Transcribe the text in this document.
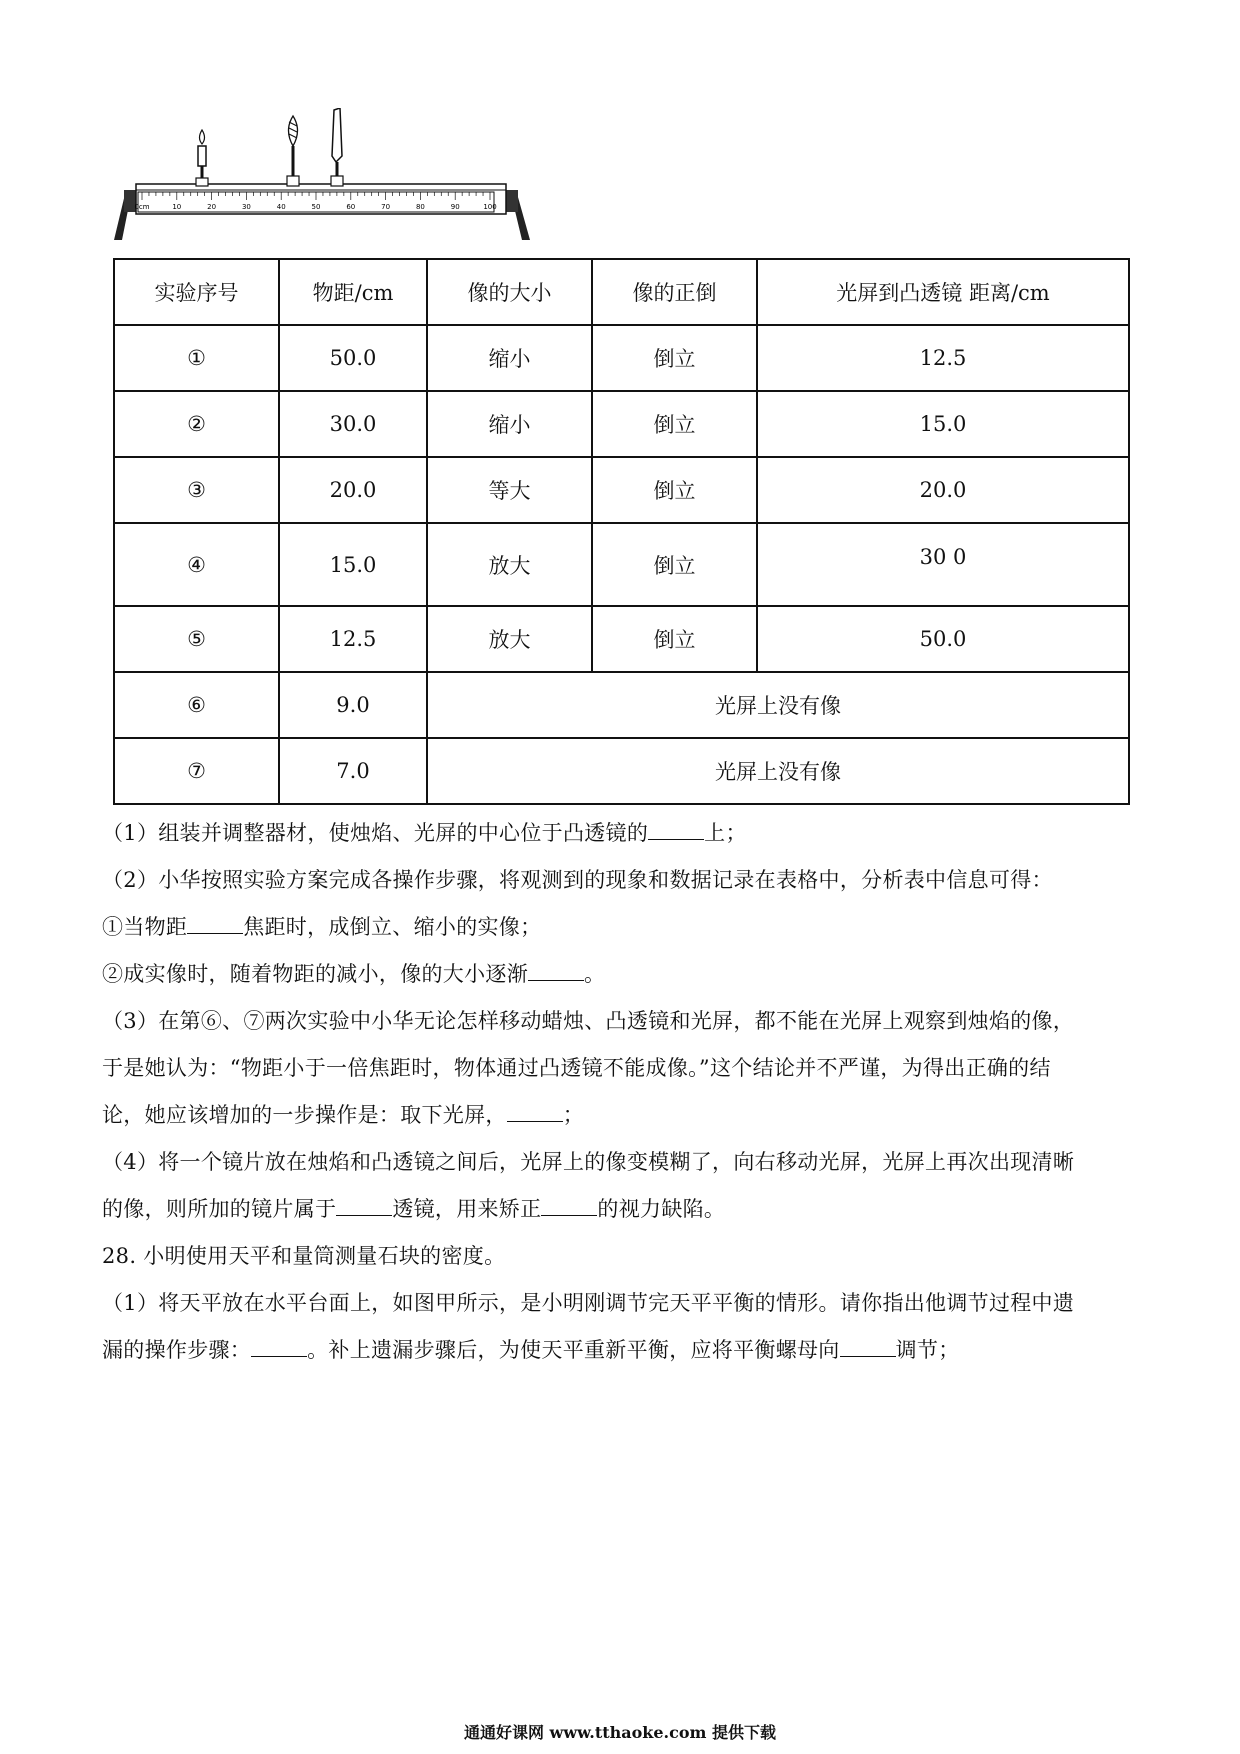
0cm	10	20	30	40	50	60	70	80	90	100
实验序号	物距/cm	像的大小	像的正倒	光屏到凸透镜 距离/cm
①	50.0	缩小	倒立	12.5
②	30.0	缩小	倒立	15.0
③	20.0	等大	倒立	20.0
④	15.0	放大	倒立	30 0
⑤	12.5	放大	倒立	50.0
⑥	9.0	光屏上没有像		
⑦	7.0	光屏上没有像		

（1）组装并调整器材，使烛焰、光屏的中心位于凸透镜的	上；

（2）小华按照实验方案完成各操作步骤，将观测到的现象和数据记录在表格中，分析表中信息可得：

①当物距	焦距时，成倒立、缩小的实像；

②成实像时，随着物距的减小，像的大小逐渐	。

（3）在第⑥、⑦两次实验中小华无论怎样移动蜡烛、凸透镜和光屏，都不能在光屏上观察到烛焰的像，

于是她认为：“物距小于一倍焦距时，物体通过凸透镜不能成像。”这个结论并不严谨，为得出正确的结

论，她应该增加的一步操作是：取下光屏，	；

（4）将一个镜片放在烛焰和凸透镜之间后，光屏上的像变模糊了，向右移动光屏，光屏上再次出现清晰

的像，则所加的镜片属于	透镜，用来矫正	的视力缺陷。

28. 小明使用天平和量筒测量石块的密度。

（1）将天平放在水平台面上，如图甲所示，是小明刚调节完天平平衡的情形。请你指出他调节过程中遗

漏的操作步骤：	。补上遗漏步骤后，为使天平重新平衡，应将平衡螺母向	调节；

通通好课网 www.tthaoke.com 提供下载
